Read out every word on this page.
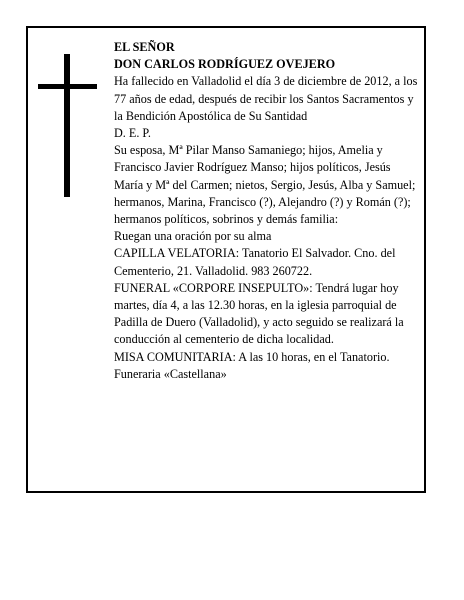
EL SEÑOR

DON CARLOS RODRÍGUEZ OVEJERO

Ha fallecido en Valladolid el día 3 de diciembre de 2012, a los 77 años de edad, después de recibir los Santos Sacramentos y la Bendición Apostólica de Su Santidad

D. E. P.

Su esposa, Mª Pilar Manso Samaniego; hijos, Amelia y Francisco Javier Rodríguez Manso; hijos políticos, Jesús María y Mª del Carmen; nietos, Sergio, Jesús, Alba y Samuel; hermanos, Marina, Francisco (?), Alejandro (?) y Román (?); hermanos políticos, sobrinos y demás familia:

Ruegan una oración por su alma

CAPILLA VELATORIA: Tanatorio El Salvador. Cno. del Cementerio, 21. Valladolid. 983 260722.

FUNERAL «CORPORE INSEPULTO»: Tendrá lugar hoy martes, día 4, a las 12.30 horas, en la iglesia parroquial de Padilla de Duero (Valladolid), y acto seguido se realizará la conducción al cementerio de dicha localidad.

MISA COMUNITARIA: A las 10 horas, en el Tanatorio.

Funeraria «Castellana»
